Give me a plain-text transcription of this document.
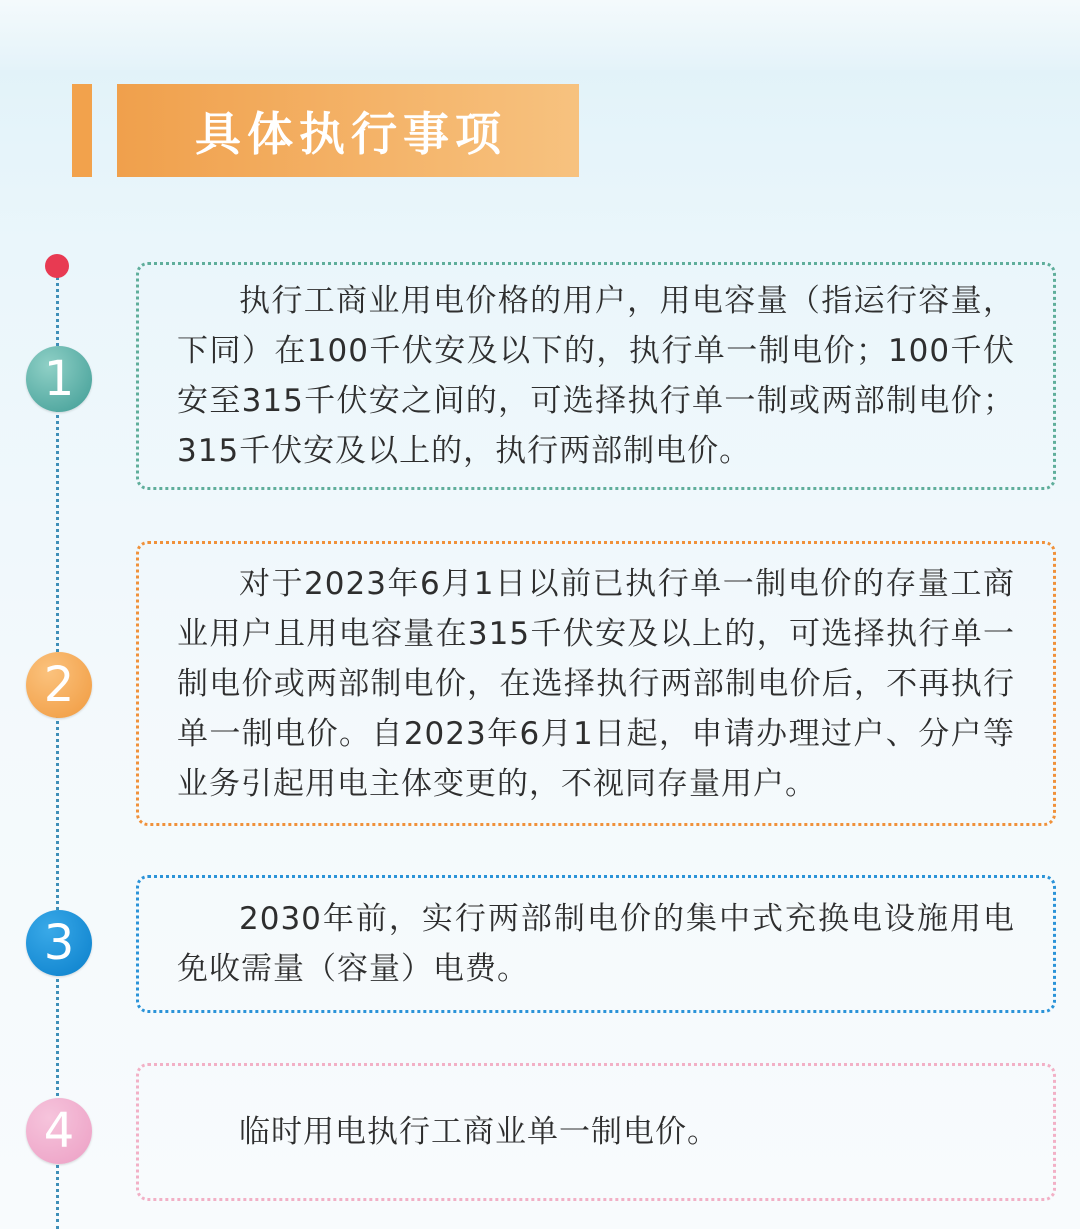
具体执行事项
1

执行工商业用电价格的用户，用电容量（指运行容量，下同）在100千伏安及以下的，执行单一制电价；100千伏安至315千伏安之间的，可选择执行单一制或两部制电价；315千伏安及以上的，执行两部制电价。

2

对于2023年6月1日以前已执行单一制电价的存量工商业用户且用电容量在315千伏安及以上的，可选择执行单一制电价或两部制电价，在选择执行两部制电价后，不再执行单一制电价。自2023年6月1日起，申请办理过户、分户等业务引起用电主体变更的，不视同存量用户。

3	2030年前，实行两部制电价的集中式充换电设施用电免收需量（容量）电费。

4	临时用电执行工商业单一制电价。
